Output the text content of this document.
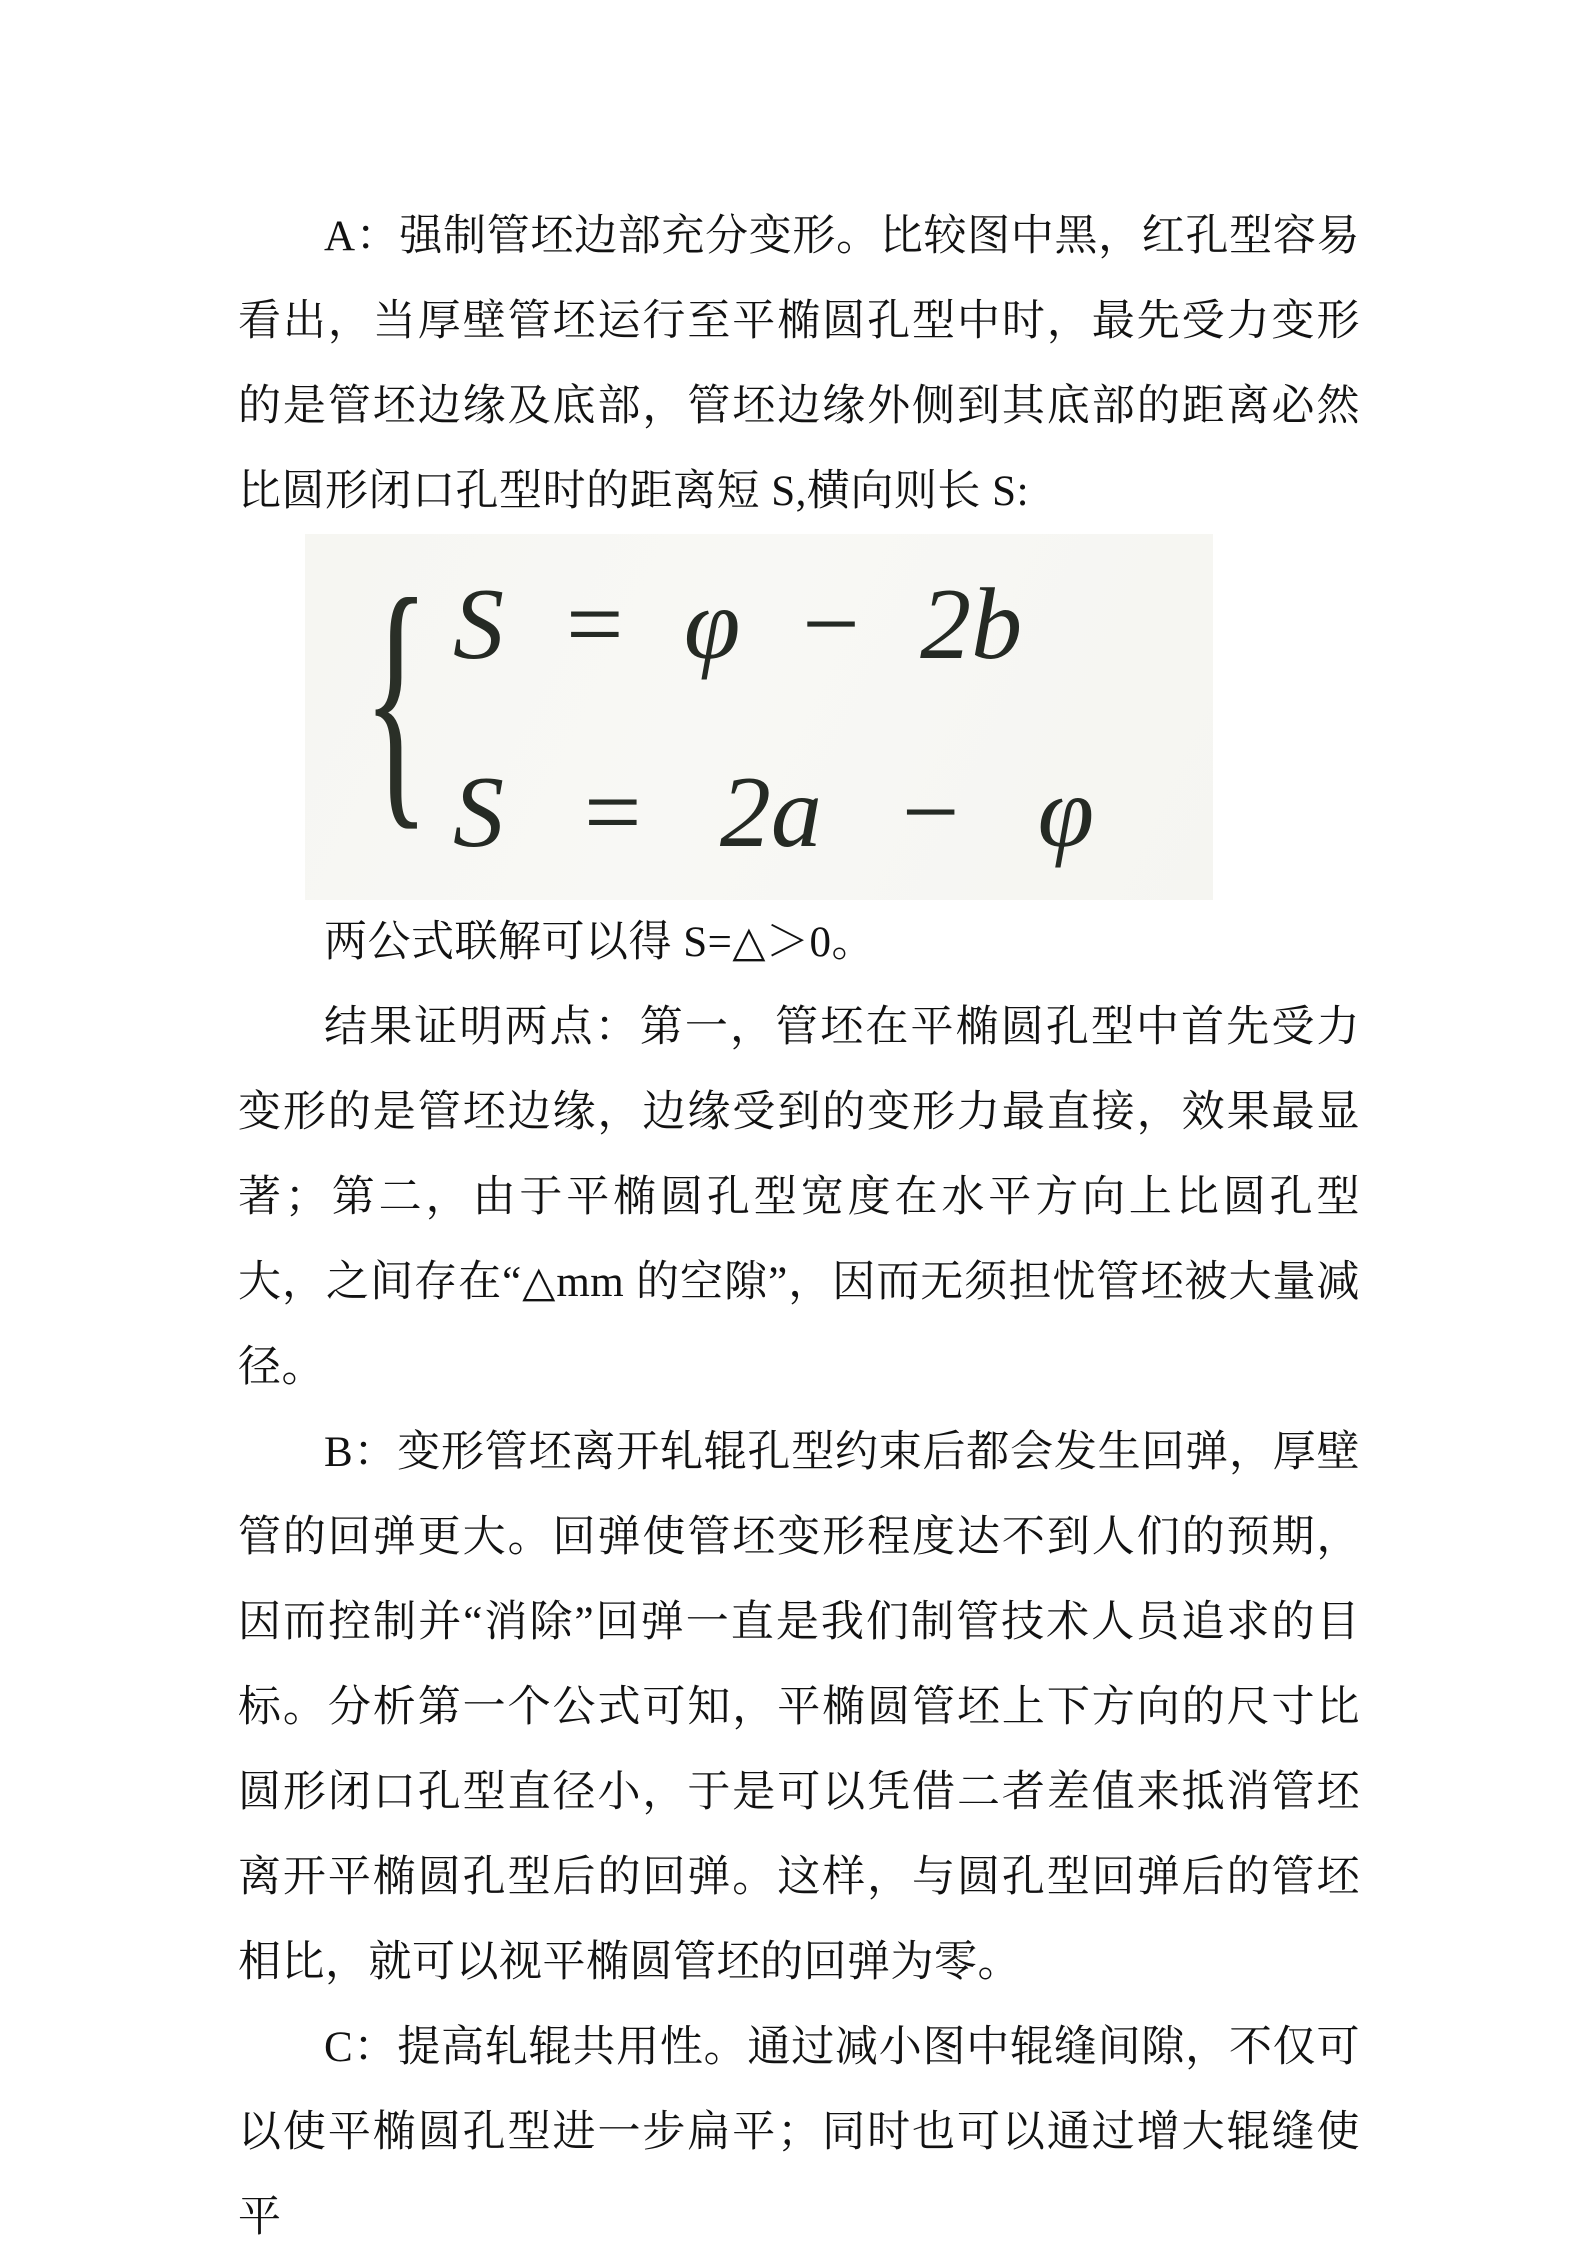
A：强制管坯边部充分变形。比较图中黑，红孔型容易看出，当厚壁管坯运行至平椭圆孔型中时，最先受力变形的是管坯边缘及底部，管坯边缘外侧到其底部的距离必然比圆形闭口孔型时的距离短 S,横向则长 S:

{ S = φ − 2b
S = 2a − φ

两公式联解可以得 S=△＞0。

结果证明两点：第一，管坯在平椭圆孔型中首先受力变形的是管坯边缘，边缘受到的变形力最直接，效果最显著；第二，由于平椭圆孔型宽度在水平方向上比圆孔型大，之间存在“△mm 的空隙”，因而无须担忧管坯被大量减径。

B：变形管坯离开轧辊孔型约束后都会发生回弹，厚壁管的回弹更大。回弹使管坯变形程度达不到人们的预期，因而控制并“消除”回弹一直是我们制管技术人员追求的目标。分析第一个公式可知，平椭圆管坯上下方向的尺寸比圆形闭口孔型直径小，于是可以凭借二者差值来抵消管坯离开平椭圆孔型后的回弹。这样，与圆孔型回弹后的管坯相比，就可以视平椭圆管坯的回弹为零。

C：提高轧辊共用性。通过减小图中辊缝间隙，不仅可以使平椭圆孔型进一步扁平；同时也可以通过增大辊缝使平
